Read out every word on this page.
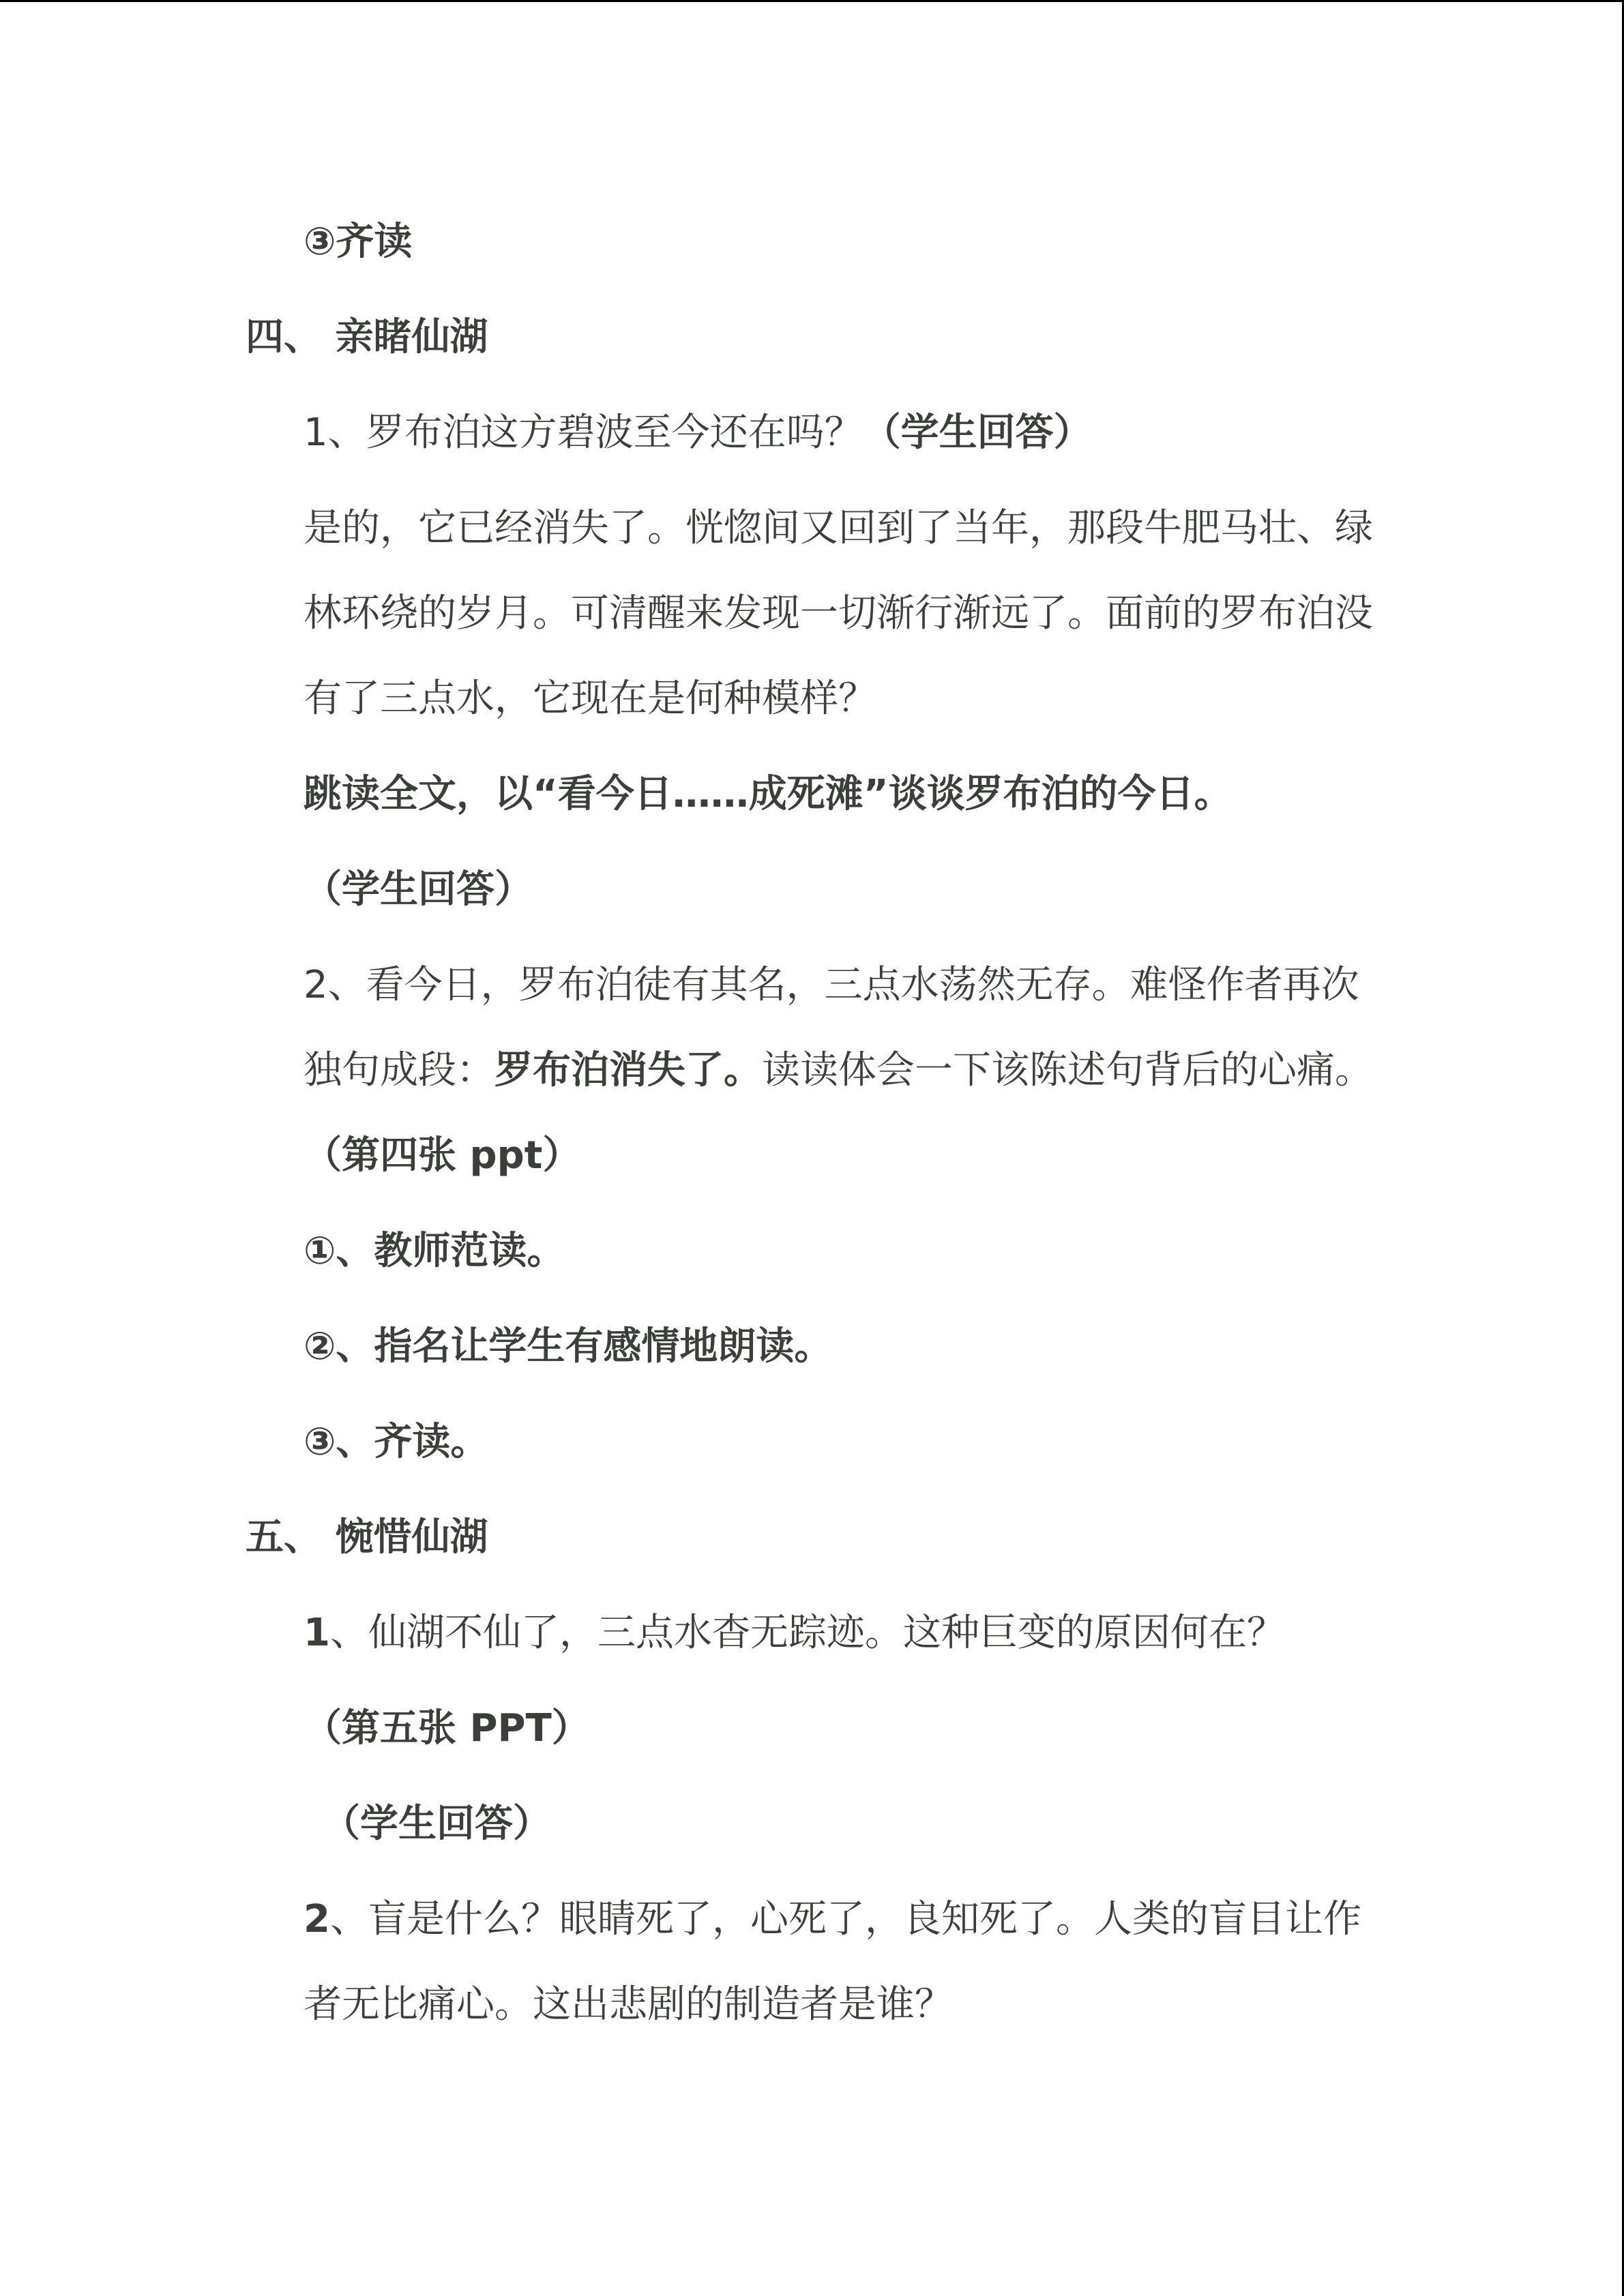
③齐读
四、 亲睹仙湖
1、罗布泊这方碧波至今还在吗？（学生回答）
是的，它已经消失了。恍惚间又回到了当年，那段牛肥马壮、绿
林环绕的岁月。可清醒来发现一切渐行渐远了。面前的罗布泊没
有了三点水，它现在是何种模样？
跳读全文，以“看今日……成死滩”谈谈罗布泊的今日。
（学生回答）
2、看今日，罗布泊徒有其名，三点水荡然无存。难怪作者再次
独句成段：罗布泊消失了。读读体会一下该陈述句背后的心痛。
（第四张 ppt）
①、教师范读。
②、指名让学生有感情地朗读。
③、齐读。
五、 惋惜仙湖
1、仙湖不仙了，三点水杳无踪迹。这种巨变的原因何在？
（第五张 PPT）
（学生回答）
2、盲是什么？眼睛死了，心死了，良知死了。人类的盲目让作
者无比痛心。这出悲剧的制造者是谁？
